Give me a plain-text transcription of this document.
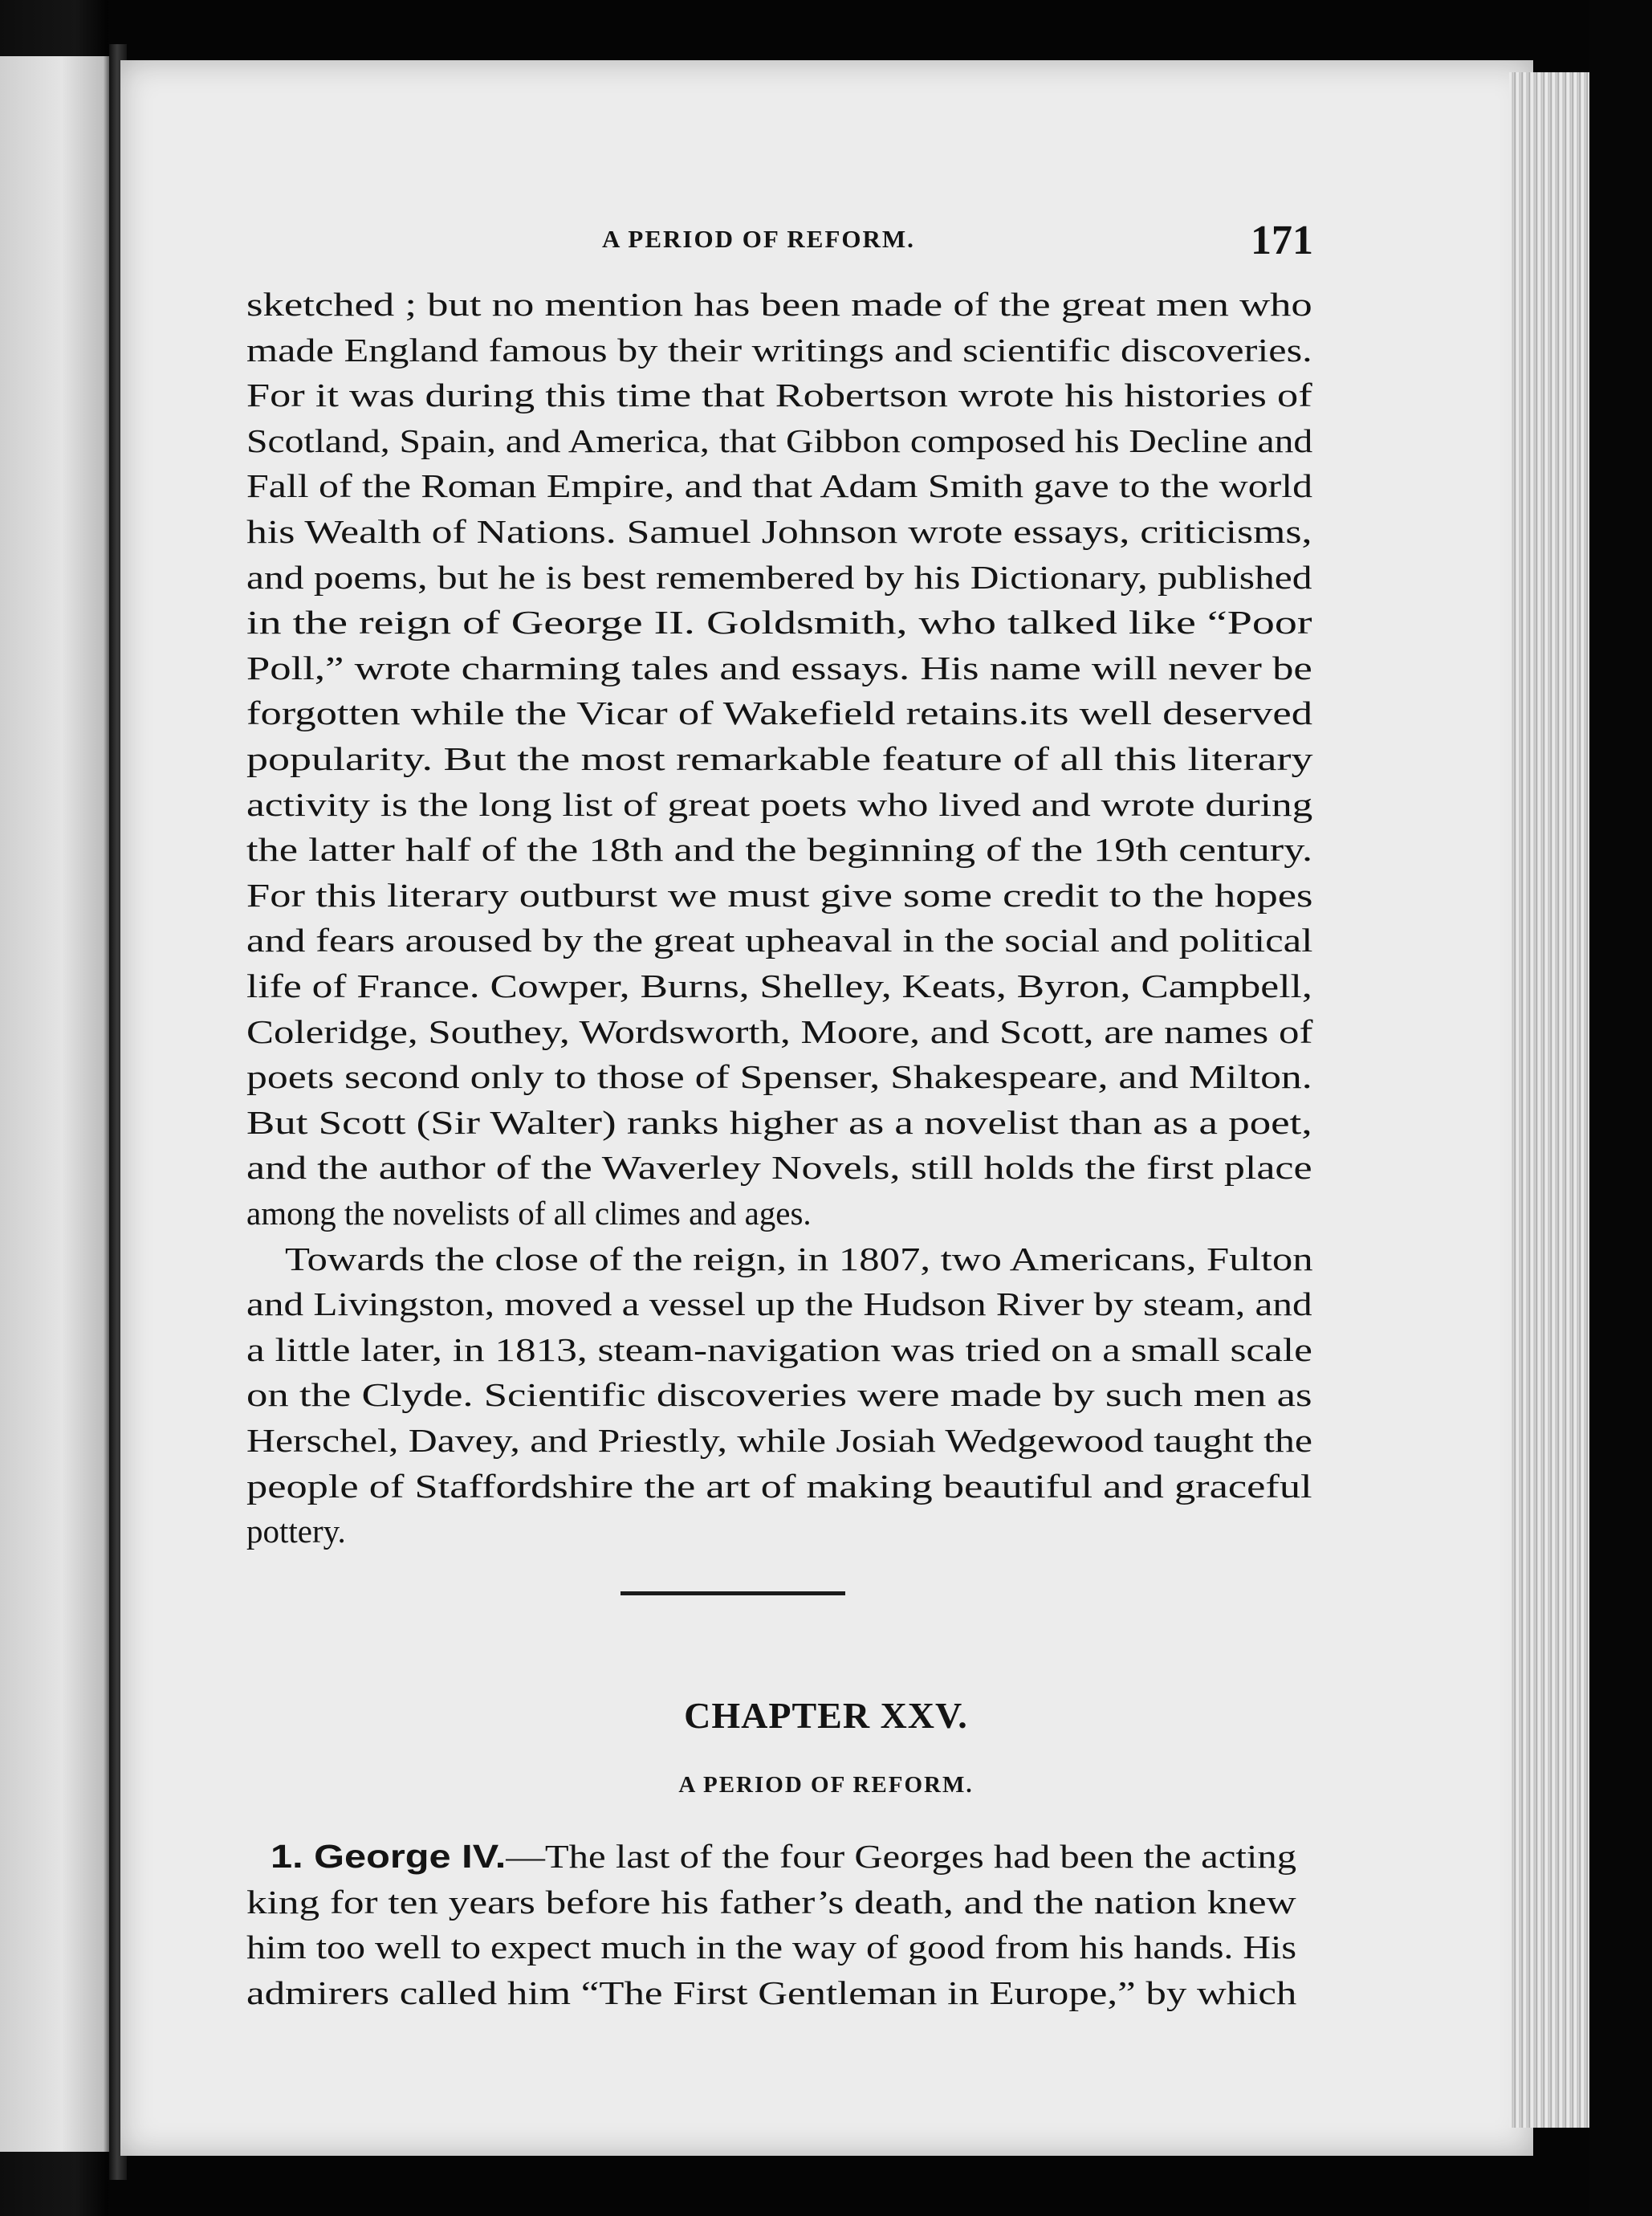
A PERIOD OF REFORM.	171

sketched ; but no mention has been made of the great men who

made England famous by their writings and scientific discoveries.

For it was during this time that Robertson wrote his histories of

Scotland, Spain, and America, that Gibbon composed his Decline and

Fall of the Roman Empire, and that Adam Smith gave to the world

his Wealth of Nations. Samuel Johnson wrote essays, criticisms,

and poems, but he is best remembered by his Dictionary, published

in the reign of George II. Goldsmith, who talked like “Poor

Poll,” wrote charming tales and essays. His name will never be

forgotten while the Vicar of Wakefield retains.its well deserved

popularity. But the most remarkable feature of all this literary

activity is the long list of great poets who lived and wrote during

the latter half of the 18th and the beginning of the 19th century.

For this literary outburst we must give some credit to the hopes

and fears aroused by the great upheaval in the social and political

life of France. Cowper, Burns, Shelley, Keats, Byron, Campbell,

Coleridge, Southey, Wordsworth, Moore, and Scott, are names of

poets second only to those of Spenser, Shakespeare, and Milton.

But Scott (Sir Walter) ranks higher as a novelist than as a poet,

and the author of the Waverley Novels, still holds the first place

among the novelists of all climes and ages.

Towards the close of the reign, in 1807, two Americans, Fulton

and Livingston, moved a vessel up the Hudson River by steam, and

a little later, in 1813, steam-navigation was tried on a small scale

on the Clyde. Scientific discoveries were made by such men as

Herschel, Davey, and Priestly, while Josiah Wedgewood taught the

people of Staffordshire the art of making beautiful and graceful

pottery.

CHAPTER XXV.
A PERIOD OF REFORM.

1. George IV.—The last of the four Georges had been the acting

king for ten years before his father’s death, and the nation knew

him too well to expect much in the way of good from his hands. His

admirers called him “The First Gentleman in Europe,” by which
